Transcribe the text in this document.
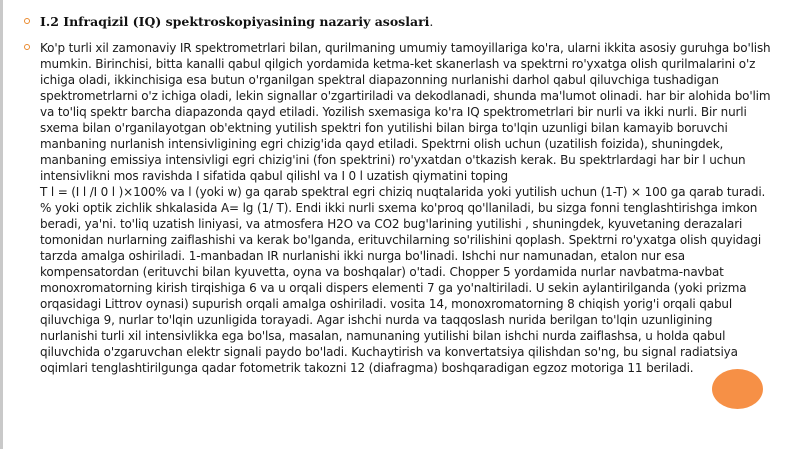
I.2 Infraqizil (IQ) spektroskopiyasining nazariy asoslari.
Ko'p turli xil zamonaviy IR spektrometrlari bilan, qurilmaning umumiy tamoyillariga ko'ra, ularni ikkita asosiy guruhga bo'lish mumkin. Birinchisi, bitta kanalli qabul qilgich yordamida ketma-ket skanerlash va spektrni ro'yxatga olish qurilmalarini o'z ichiga oladi, ikkinchisiga esa butun o'rganilgan spektral diapazonning nurlanishi darhol qabul qiluvchiga tushadigan spektrometrlarni o'z ichiga oladi, lekin signallar o'zgartiriladi va dekodlanadi, shunda ma'lumot olinadi. har bir alohida bo'lim va to'liq spektr barcha diapazonda qayd etiladi. Yozilish sxemasiga ko'ra IQ spektrometrlari bir nurli va ikki nurli. Bir nurli sxema bilan o'rganilayotgan ob'ektning yutilish spektri fon yutilishi bilan birga to'lqin uzunligi bilan kamayib boruvchi manbaning nurlanish intensivligining egri chizig'ida qayd etiladi. Spektrni olish uchun (uzatilish foizida), shuningdek, manbaning emissiya intensivligi egri chizig'ini (fon spektrini) ro'yxatdan o'tkazish kerak. Bu spektrlardagi har bir l uchun intensivlikni mos ravishda I sifatida qabul qilishl va I 0 l uzatish qiymatini toping
T l = (I l /I 0 l )×100% va l (yoki w) ga qarab spektral egri chiziq nuqtalarida yoki yutilish uchun (1-T) × 100 ga qarab turadi.
% yoki optik zichlik shkalasida A= lg (1/ T). Endi ikki nurli sxema ko'proq qo'llaniladi, bu sizga fonni tenglashtirishga imkon beradi, ya'ni. to'liq uzatish liniyasi, va atmosfera H2O va CO2 bug'larining yutilishi , shuningdek, kyuvetaning derazalari tomonidan nurlarning zaiflashishi va kerak bo'lganda, erituvchilarning so'rilishini qoplash. Spektrni ro'yxatga olish quyidagi tarzda amalga oshiriladi. 1-manbadan IR nurlanishi ikki nurga bo'linadi. Ishchi nur namunadan, etalon nur esa kompensatordan (erituvchi bilan kyuvetta, oyna va boshqalar) o'tadi. Chopper 5 yordamida nurlar navbatma-navbat monoxromatorning kirish tirqishiga 6 va u orqali dispers elementi 7 ga yo'naltiriladi. U sekin aylantirilganda (yoki prizma orqasidagi Littrov oynasi) supurish orqali amalga oshiriladi. vosita 14, monoxromatorning 8 chiqish yorig'i orqali qabul qiluvchiga 9, nurlar to'lqin uzunligida torayadi. Agar ishchi nurda va taqqoslash nurida berilgan to'lqin uzunligining nurlanishi turli xil intensivlikka ega bo'lsa, masalan, namunaning yutilishi bilan ishchi nurda zaiflashsa, u holda qabul qiluvchida o'zgaruvchan elektr signali paydo bo'ladi. Kuchaytirish va konvertatsiya qilishdan so'ng, bu signal radiatsiya oqimlari tenglashtirilgunga qadar fotometrik takozni 12 (diafragma) boshqaradigan egzoz motoriga 11 beriladi.
